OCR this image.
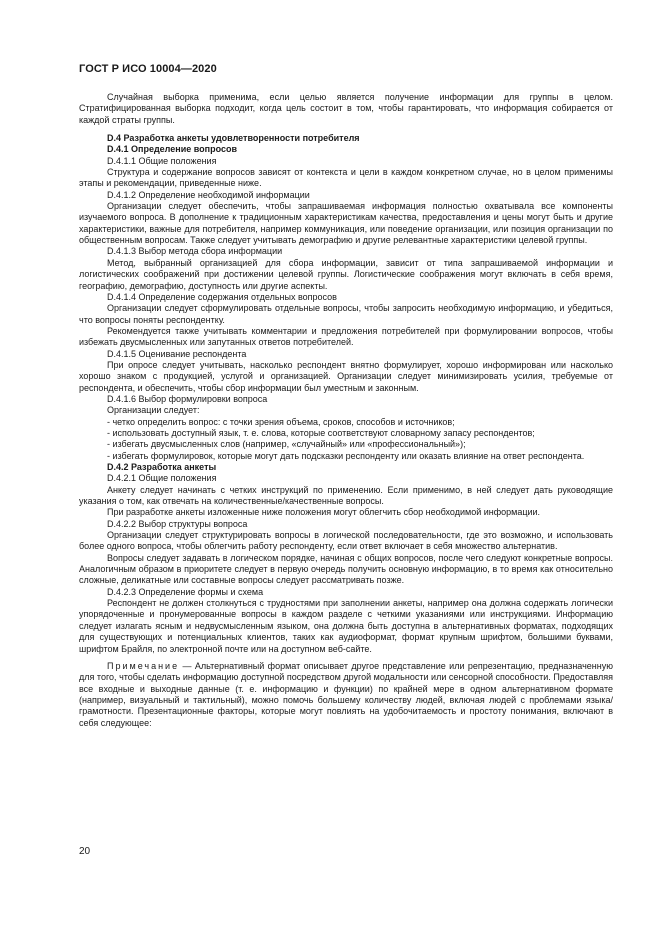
ГОСТ Р ИСО 10004—2020

Случайная выборка применима, если целью является получение информации для группы в целом. Стратифицированная выборка подходит, когда цель состоит в том, чтобы гарантировать, что информация собирается от каждой страты группы.

D.4 Разработка анкеты удовлетворенности потребителя

D.4.1 Определение вопросов

D.4.1.1 Общие положения

Структура и содержание вопросов зависят от контекста и цели в каждом конкретном случае, но в целом применимы этапы и рекомендации, приведенные ниже.

D.4.1.2 Определение необходимой информации

Организации следует обеспечить, чтобы запрашиваемая информация полностью охватывала все компоненты изучаемого вопроса. В дополнение к традиционным характеристикам качества, предоставления и цены могут быть и другие характеристики, важные для потребителя, например коммуникация, или поведение организации, или позиция организации по общественным вопросам. Также следует учитывать демографию и другие релевантные характеристики целевой группы.

D.4.1.3 Выбор метода сбора информации

Метод, выбранный организацией для сбора информации, зависит от типа запрашиваемой информации и логистических соображений при достижении целевой группы. Логистические соображения могут включать в себя время, географию, демографию, доступность или другие аспекты.

D.4.1.4 Определение содержания отдельных вопросов

Организации следует сформулировать отдельные вопросы, чтобы запросить необходимую информацию, и убедиться, что вопросы поняты респондентку.

Рекомендуется также учитывать комментарии и предложения потребителей при формулировании вопросов, чтобы избежать двусмысленных или запутанных ответов потребителей.

D.4.1.5 Оценивание респондента

При опросе следует учитывать, насколько респондент внятно формулирует, хорошо информирован или насколько хорошо знаком с продукцией, услугой и организацией. Организации следует минимизировать усилия, требуемые от респондента, и обеспечить, чтобы сбор информации был уместным и законным.

D.4.1.6 Выбор формулировки вопроса

Организации следует:

- четко определить вопрос: с точки зрения объема, сроков, способов и источников;

- использовать доступный язык, т. е. слова, которые соответствуют словарному запасу респондентов;

- избегать двусмысленных слов (например, «случайный» или «профессиональный»);

- избегать формулировок, которые могут дать подсказки респонденту или оказать влияние на ответ респондента.

D.4.2 Разработка анкеты

D.4.2.1 Общие положения

Анкету следует начинать с четких инструкций по применению. Если применимо, в ней следует дать руководящие указания о том, как отвечать на количественные/качественные вопросы.

При разработке анкеты изложенные ниже положения могут облегчить сбор необходимой информации.

D.4.2.2 Выбор структуры вопроса

Организации следует структурировать вопросы в логической последовательности, где это возможно, и использовать более одного вопроса, чтобы облегчить работу респонденту, если ответ включает в себя множество альтернатив.

Вопросы следует задавать в логическом порядке, начиная с общих вопросов, после чего следуют конкретные вопросы. Аналогичным образом в приоритете следует в первую очередь получить основную информацию, в то время как относительно сложные, деликатные или составные вопросы следует рассматривать позже.

D.4.2.3 Определение формы и схема

Респондент не должен столкнуться с трудностями при заполнении анкеты, например она должна содержать логически упорядоченные и пронумерованные вопросы в каждом разделе с четкими указаниями или инструкциями. Информацию следует излагать ясным и недвусмысленным языком, она должна быть доступна в альтернативных форматах, подходящих для существующих и потенциальных клиентов, таких как аудиоформат, формат крупным шрифтом, большими буквами, шрифтом Брайля, по электронной почте или на доступном веб-сайте.

Примечание — Альтернативный формат описывает другое представление или репрезентацию, предназначенную для того, чтобы сделать информацию доступной посредством другой модальности или сенсорной способности. Предоставляя все входные и выходные данные (т. е. информацию и функции) по крайней мере в одном альтернативном формате (например, визуальный и тактильный), можно помочь большему количеству людей, включая людей с проблемами языка/грамотности. Презентационные факторы, которые могут повлиять на удобочитаемость и простоту понимания, включают в себя следующее:

20
